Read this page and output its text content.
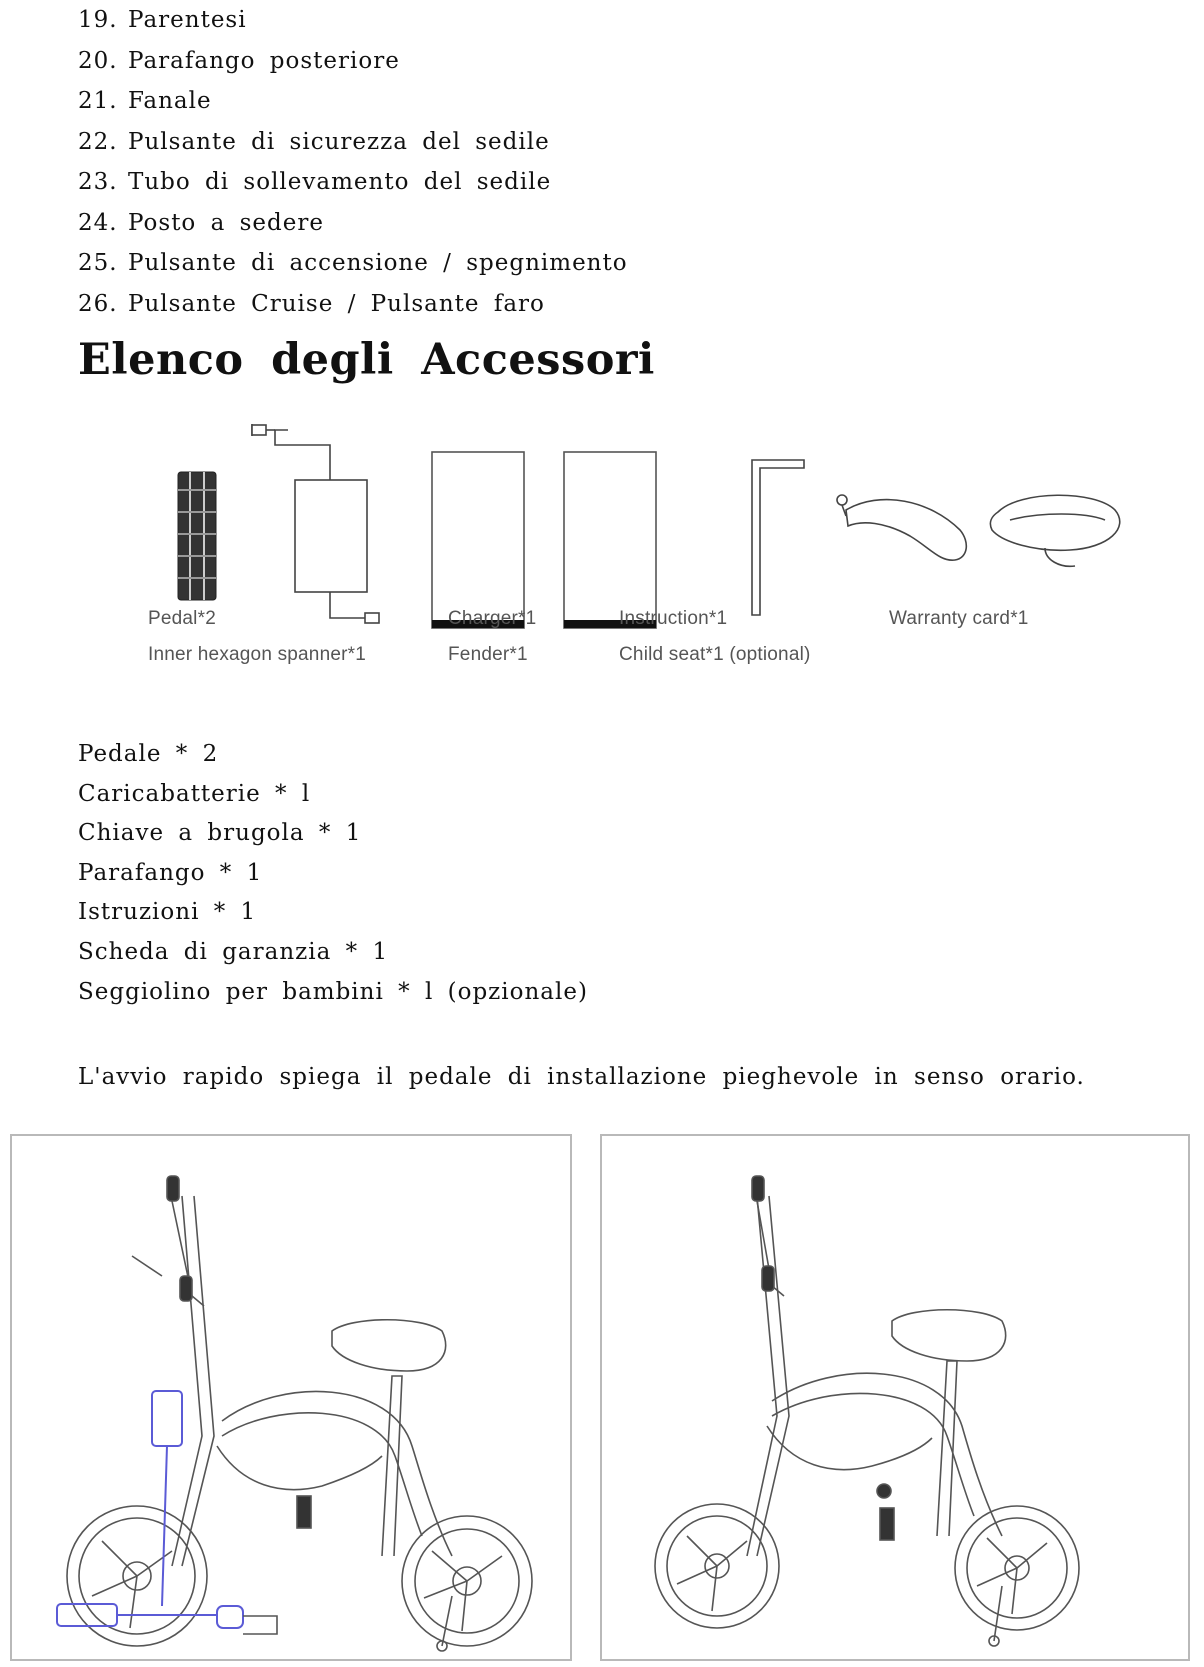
19. Parentesi
20. Parafango posteriore
21. Fanale
22. Pulsante di sicurezza del sedile
23. Tubo di sollevamento del sedile
24. Posto a sedere
25. Pulsante di accensione / spegnimento
26. Pulsante Cruise / Pulsante faro
Elenco degli Accessori
Pedal*2
Inner hexagon spanner*1
Charger*1
Fender*1
Instruction*1
Child seat*1 (optional)
Warranty card*1
Pedale * 2
Caricabatterie * l
Chiave a brugola * 1
Parafango * 1
Istruzioni * 1
Scheda di garanzia * 1
Seggiolino per bambini * l (opzionale)

L'avvio rapido spiega il pedale di installazione pieghevole in senso orario.
